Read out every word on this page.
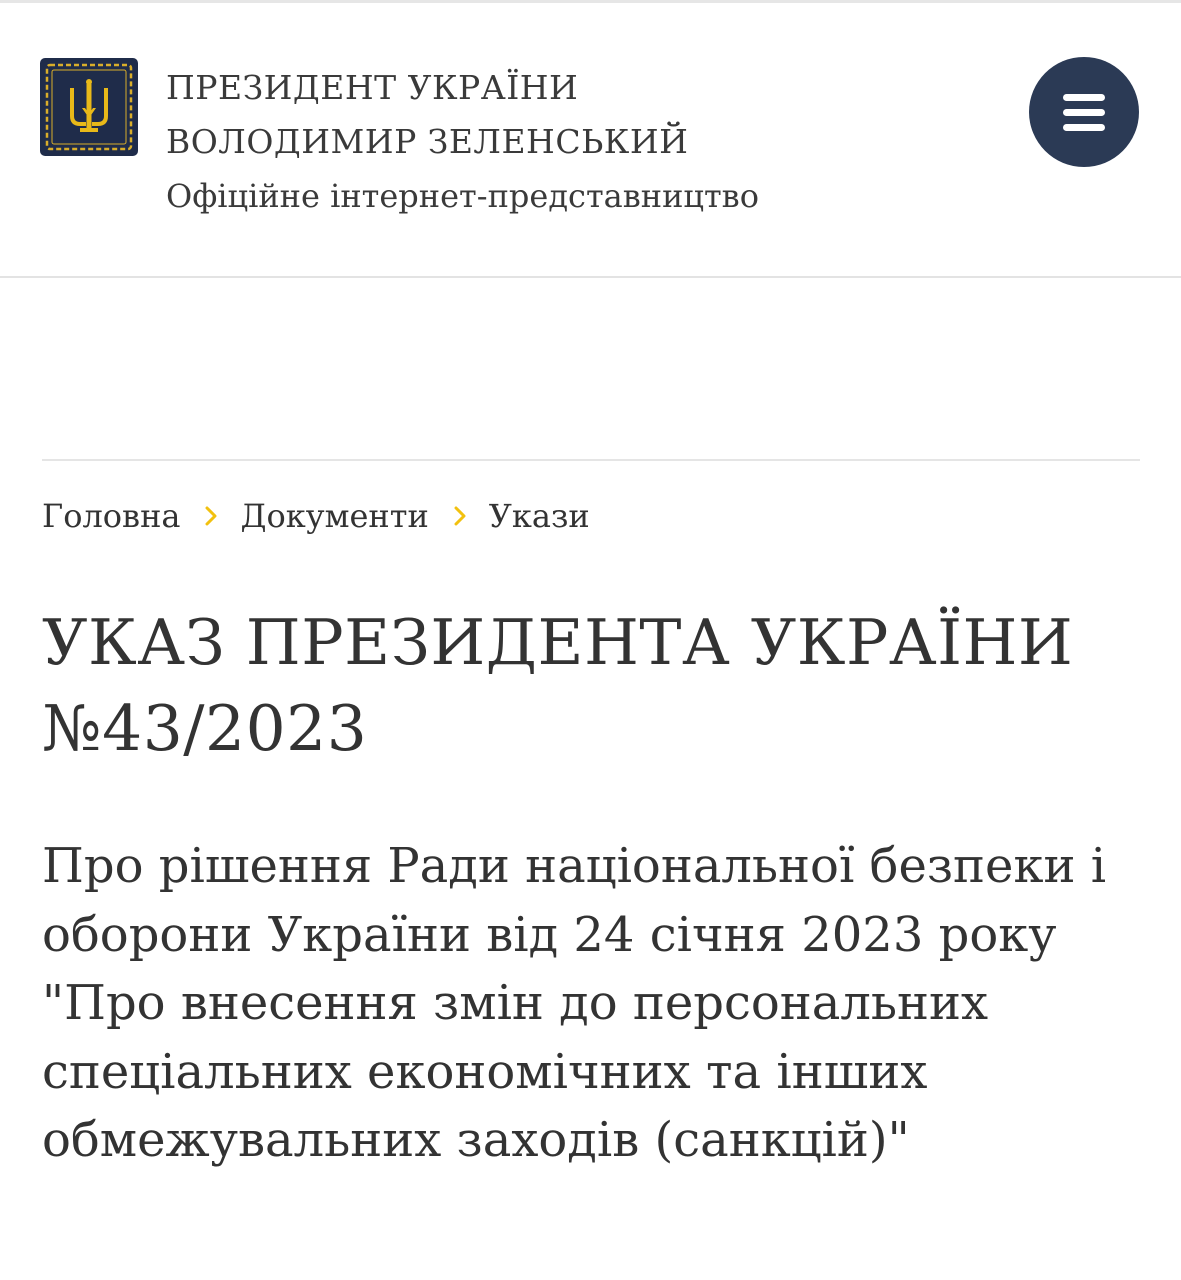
ПРЕЗИДЕНТ УКРАЇНИ
ВОЛОДИМИР ЗЕЛЕНСЬКИЙ
Офіційне інтернет-представництво
Головна Документи Укази
УКАЗ ПРЕЗИДЕНТА УКРАЇНИ №43/2023
Про рішення Ради національної безпеки і оборони України від 24 січня 2023 року "Про внесення змін до персональних спеціальних економічних та інших обмежувальних заходів (санкцій)"
